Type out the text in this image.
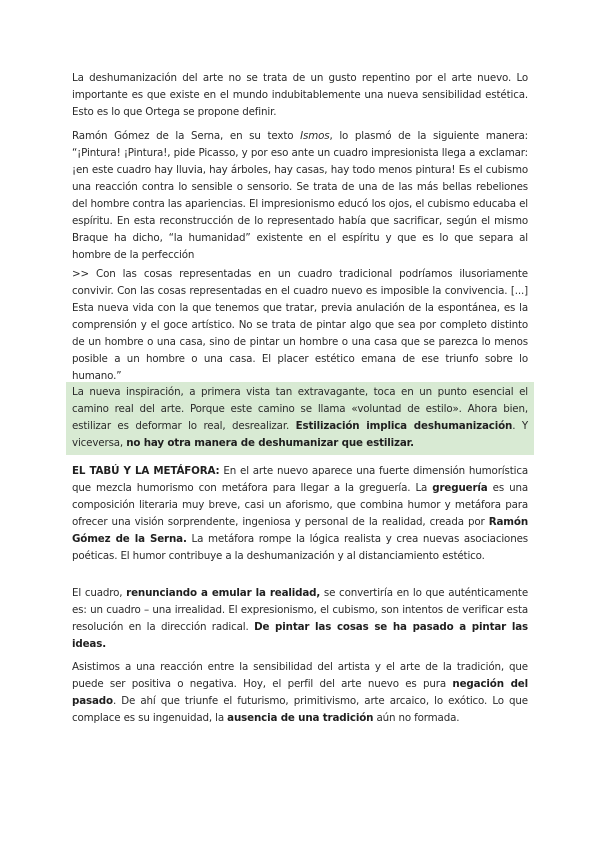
La deshumanización del arte no se trata de un gusto repentino por el arte nuevo. Lo importante es que existe en el mundo indubitablemente una nueva sensibilidad estética. Esto es lo que Ortega se propone definir.

Ramón Gómez de la Serna, en su texto Ismos, lo plasmó de la siguiente manera: “¡Pintura! ¡Pintura!, pide Picasso, y por eso ante un cuadro impresionista llega a exclamar: ¡en este cuadro hay lluvia, hay árboles, hay casas, hay todo menos pintura! Es el cubismo una reacción contra lo sensible o sensorio. Se trata de una de las más bellas rebeliones del hombre contra las apariencias. El impresionismo educó los ojos, el cubismo educaba el espíritu. En esta reconstrucción de lo representado había que sacrificar, según el mismo Braque ha dicho, “la humanidad” existente en el espíritu y que es lo que separa al hombre de la perfección

>> Con las cosas representadas en un cuadro tradicional podríamos ilusoriamente convivir. Con las cosas representadas en el cuadro nuevo es imposible la convivencia. [...] Esta nueva vida con la que tenemos que tratar, previa anulación de la espontánea, es la comprensión y el goce artístico. No se trata de pintar algo que sea por completo distinto de un hombre o una casa, sino de pintar un hombre o una casa que se parezca lo menos posible a un hombre o una casa. El placer estético emana de ese triunfo sobre lo humano.”

La nueva inspiración, a primera vista tan extravagante, toca en un punto esencial el camino real del arte. Porque este camino se llama «voluntad de estilo». Ahora bien, estilizar es deformar lo real, desrealizar. Estilización implica deshumanización. Y viceversa, no hay otra manera de deshumanizar que estilizar.

EL TABÚ Y LA METÁFORA: En el arte nuevo aparece una fuerte dimensión humorística que mezcla humorismo con metáfora para llegar a la greguería. La greguería es una composición literaria muy breve, casi un aforismo, que combina humor y metáfora para ofrecer una visión sorprendente, ingeniosa y personal de la realidad, creada por Ramón Gómez de la Serna. La metáfora rompe la lógica realista y crea nuevas asociaciones poéticas. El humor contribuye a la deshumanización y al distanciamiento estético.

El cuadro, renunciando a emular la realidad, se convertiría en lo que auténticamente es: un cuadro – una irrealidad. El expresionismo, el cubismo, son intentos de verificar esta resolución en la dirección radical. De pintar las cosas se ha pasado a pintar las ideas.

Asistimos a una reacción entre la sensibilidad del artista y el arte de la tradición, que puede ser positiva o negativa. Hoy, el perfil del arte nuevo es pura negación del pasado. De ahí que triunfe el futurismo, primitivismo, arte arcaico, lo exótico. Lo que complace es su ingenuidad, la ausencia de una tradición aún no formada.
